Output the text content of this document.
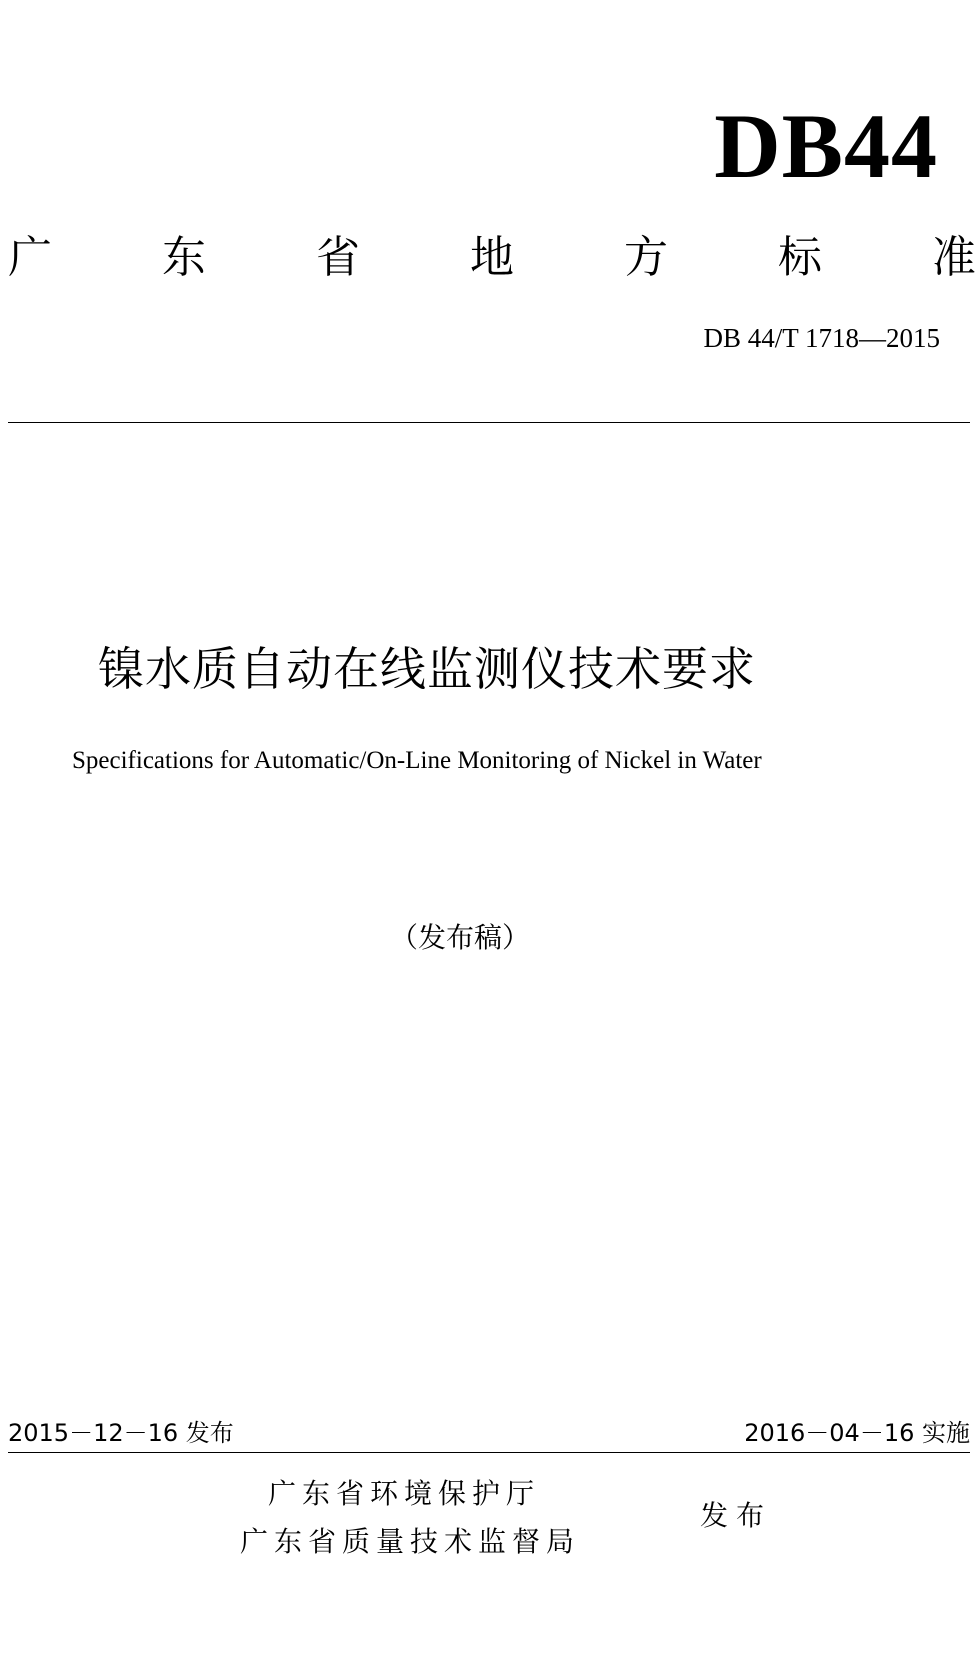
DB44
广	东	省	地	方	标	准
DB 44/T 1718—2015
镍水质自动在线监测仪技术要求
Specifications for Automatic/On-Line Monitoring of Nickel in Water
（发布稿）
2015－12－16 发布	2016－04－16 实施
广东省环境保护厅
广东省质量技术监督局
发布
